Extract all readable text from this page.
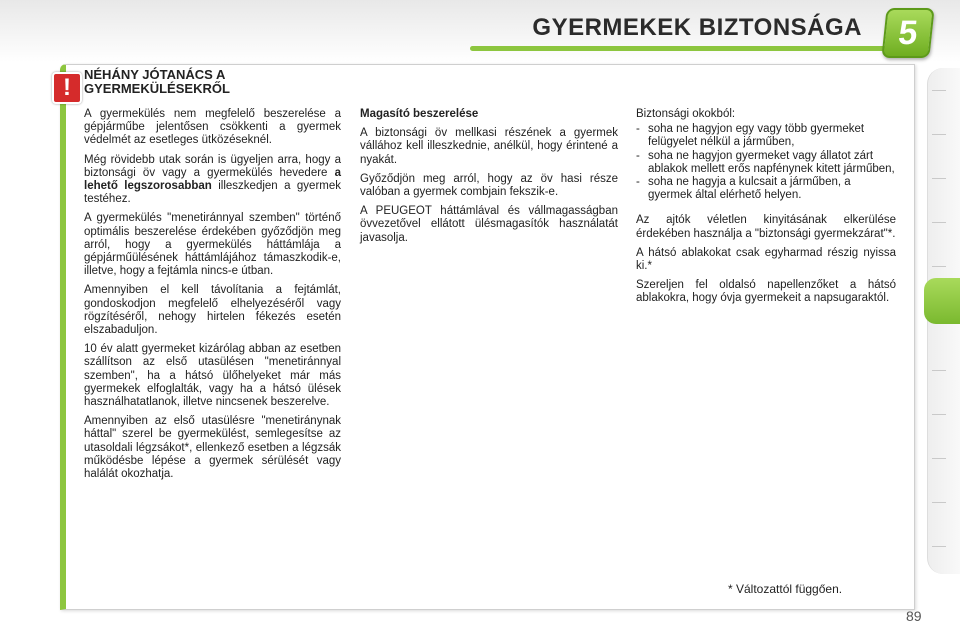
GYERMEKEK BIZTONSÁGA	5
!	NÉHÁNY JÓTANÁCS A GYERMEKÜLÉSEKRŐL

A gyermekülés nem megfelelő beszerelése a gépjárműbe jelentősen csökkenti a gyermek védelmét az esetleges ütközéseknél.

Még rövidebb utak során is ügyeljen arra, hogy a biztonsági öv vagy a gyermekülés hevedere a lehető legszorosabban illeszkedjen a gyermek testéhez.

A gyermekülés "menetiránnyal szemben" történő optimális beszerelése érdekében győződjön meg arról, hogy a gyermekülés háttámlája a gépjárműülésének háttámlájához támaszkodik-e, illetve, hogy a fejtámla nincs-e útban.

Amennyiben el kell távolítania a fejtámlát, gondoskodjon megfelelő elhelyezéséről vagy rögzítéséről, nehogy hirtelen fékezés esetén elszabaduljon.

10 év alatt gyermeket kizárólag abban az esetben szállítson az első utasülésen "menetiránnyal szemben", ha a hátsó ülőhelyeket már más gyermekek elfoglalták, vagy ha a hátsó ülések használhatatlanok, illetve nincsenek beszerelve.

Amennyiben az első utasülésre "menetiránynak háttal" szerel be gyermekülést, semlegesítse az utasoldali légzsákot*, ellenkező esetben a légzsák működésbe lépése a gyermek sérülését vagy halálát okozhatja.

Magasító beszerelése

A biztonsági öv mellkasi részének a gyermek vállához kell illeszkednie, anélkül, hogy érintené a nyakát.

Győződjön meg arról, hogy az öv hasi része valóban a gyermek combjain fekszik-e.

A PEUGEOT háttámlával és vállmagasságban övvezetővel ellátott ülésmagasítók használatát javasolja.

Biztonsági okokból:

- soha ne hagyjon egy vagy több gyermeket felügyelet nélkül a járműben,
- soha ne hagyjon gyermeket vagy állatot zárt ablakok mellett erős napfénynek kitett járműben,
- soha ne hagyja a kulcsait a járműben, a gyermek által elérhető helyen.

Az ajtók véletlen kinyitásának elkerülése érdekében használja a "biztonsági gyermekzárat"*.

A hátsó ablakokat csak egyharmad részig nyissa ki.*

Szereljen fel oldalsó napellenzőket a hátsó ablakokra, hogy óvja gyermekeit a napsugaraktól.

* Változattól függően.
89
